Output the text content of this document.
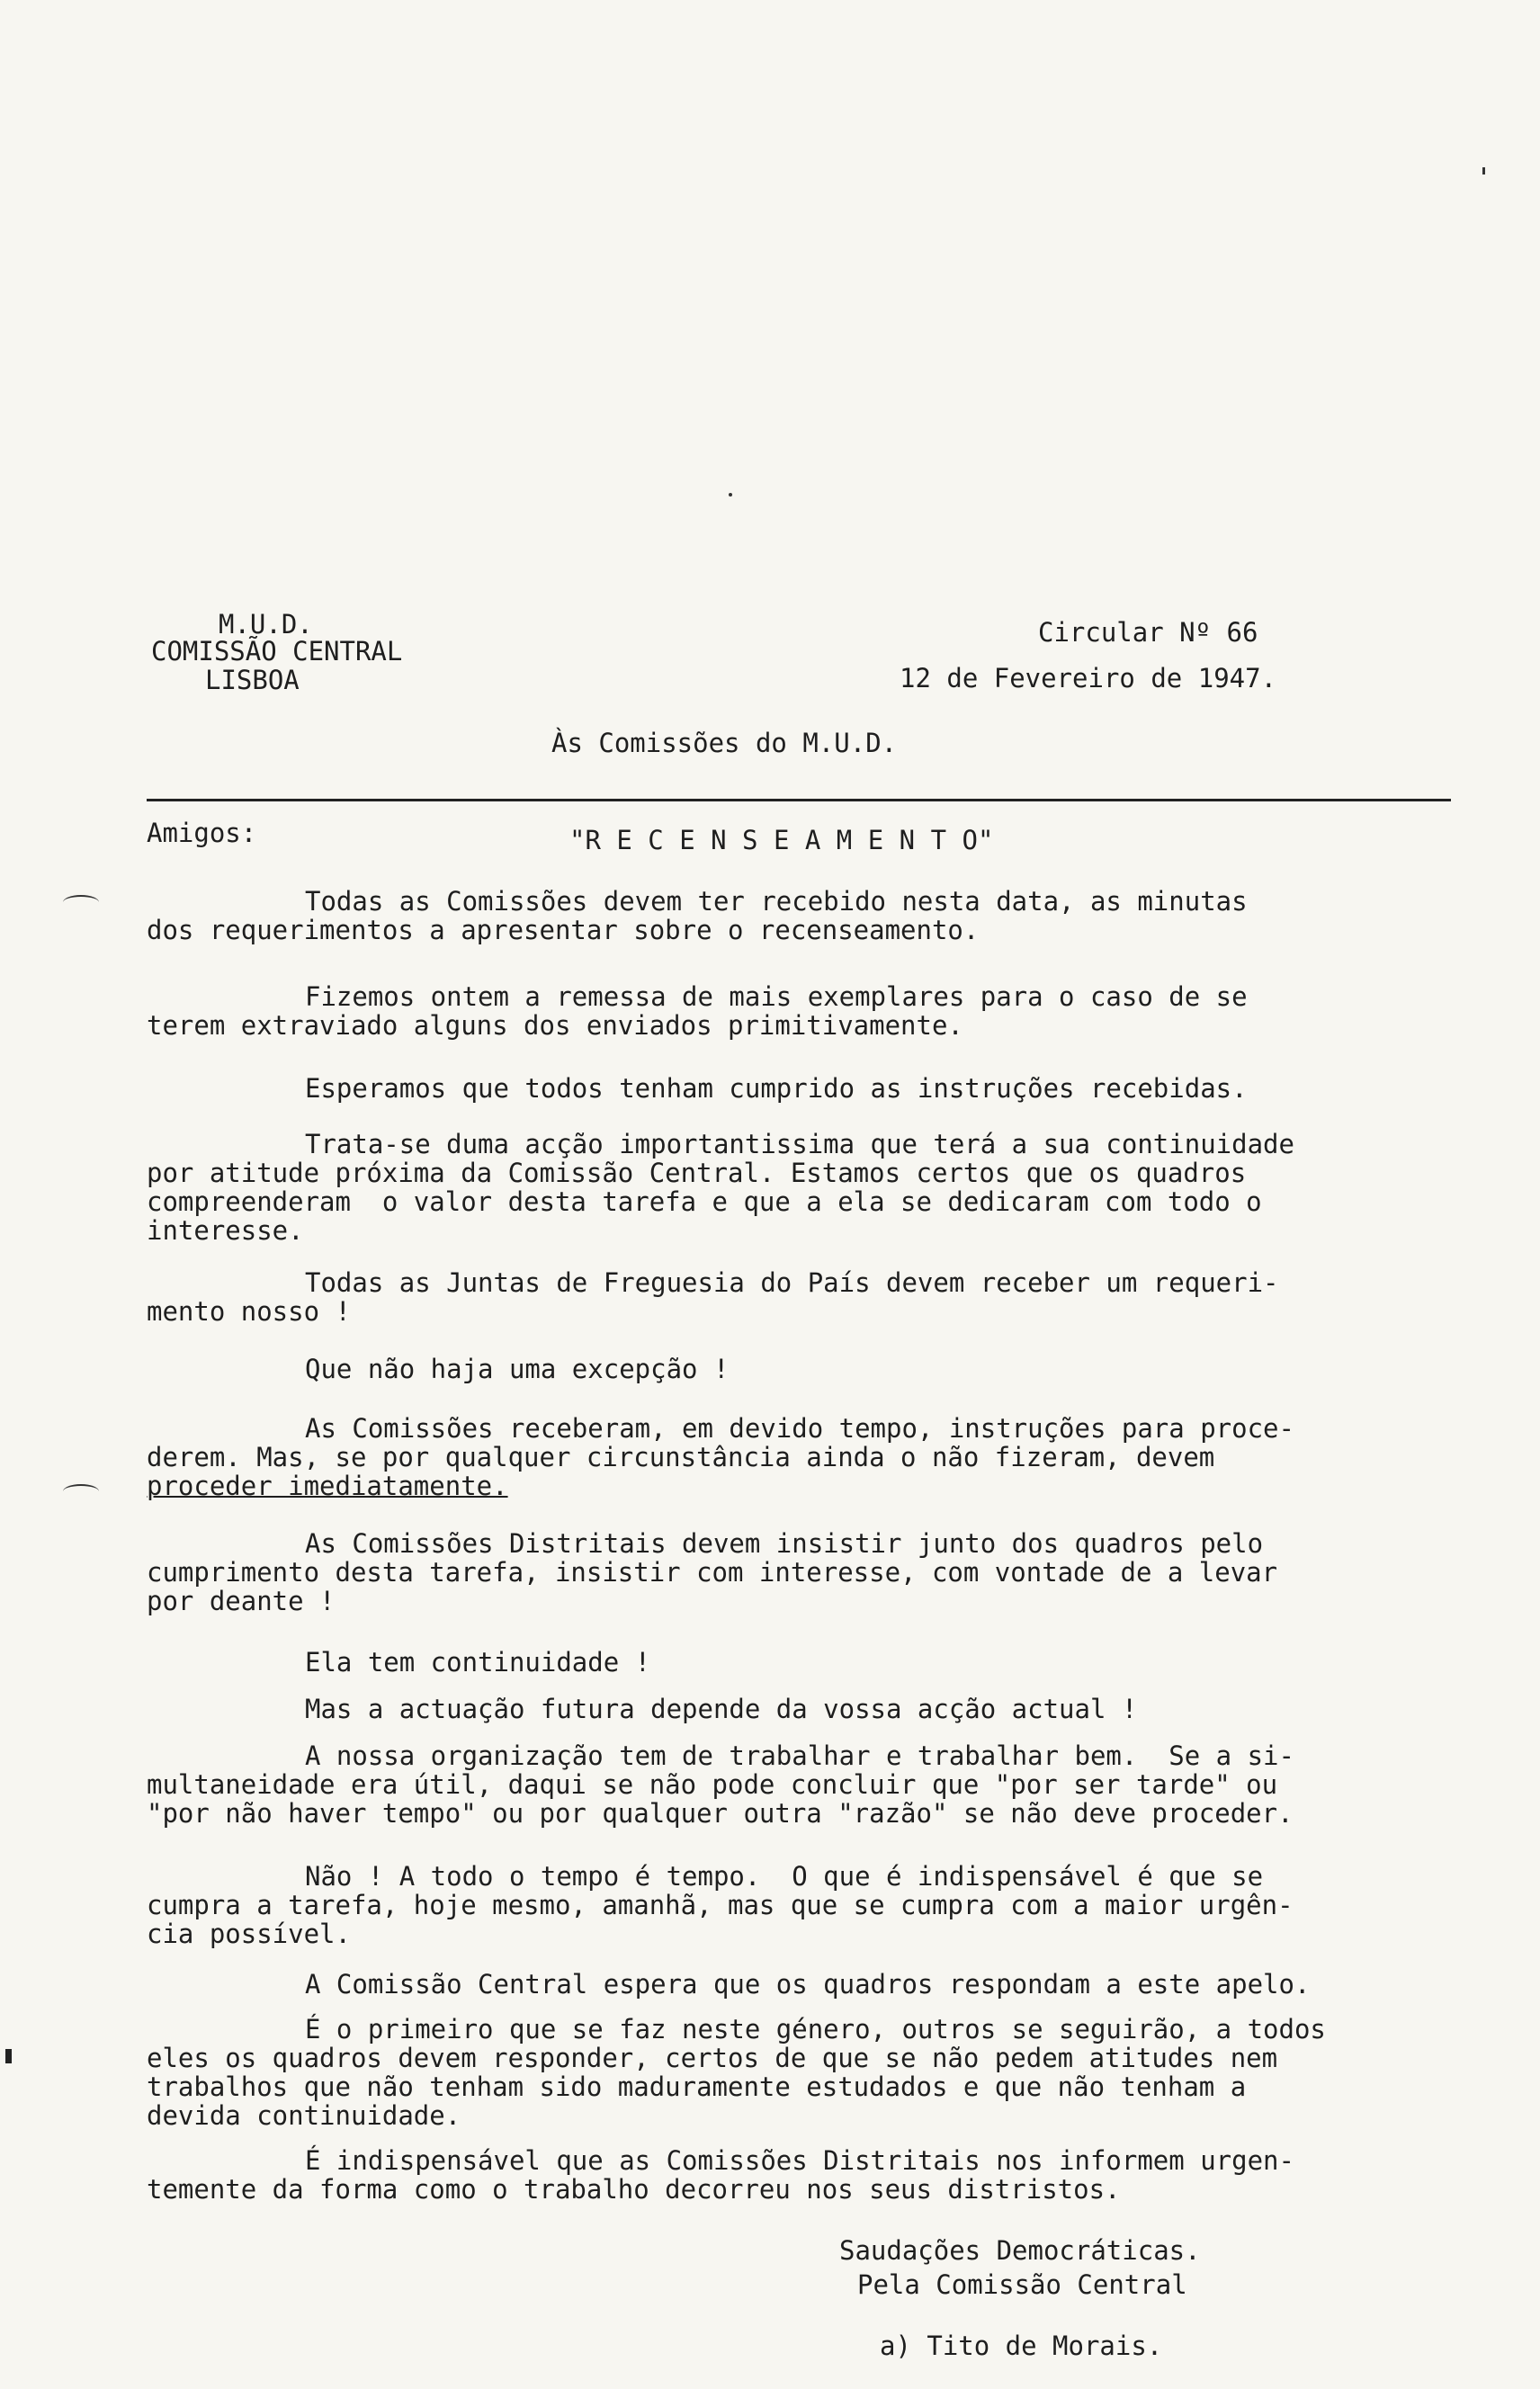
M.U.D.
COMISSÃO CENTRAL
LISBOA
Circular Nº 66
12 de Fevereiro de 1947.
Às Comissões do M.U.D.
Amigos:	"R E C E N S E A M E N T O"
Todas as Comissões devem ter recebido nesta data, as minutas
dos requerimentos a apresentar sobre o recenseamento.
Fizemos ontem a remessa de mais exemplares para o caso de se
terem extraviado alguns dos enviados primitivamente.
Esperamos que todos tenham cumprido as instruções recebidas.
Trata-se duma acção importantissima que terá a sua continuidade
por atitude próxima da Comissão Central. Estamos certos que os quadros
compreenderam  o valor desta tarefa e que a ela se dedicaram com todo o
interesse.
Todas as Juntas de Freguesia do País devem receber um requeri-
mento nosso !
Que não haja uma excepção !
As Comissões receberam, em devido tempo, instruções para proce-
derem. Mas, se por qualquer circunstância ainda o não fizeram, devem
proceder imediatamente.
As Comissões Distritais devem insistir junto dos quadros pelo
cumprimento desta tarefa, insistir com interesse, com vontade de a levar
por deante !
Ela tem continuidade !
Mas a actuação futura depende da vossa acção actual !
A nossa organização tem de trabalhar e trabalhar bem.  Se a si-
multaneidade era útil, daqui se não pode concluir que "por ser tarde" ou
"por não haver tempo" ou por qualquer outra "razão" se não deve proceder.
Não ! A todo o tempo é tempo.  O que é indispensável é que se
cumpra a tarefa, hoje mesmo, amanhã, mas que se cumpra com a maior urgên-
cia possível.
A Comissão Central espera que os quadros respondam a este apelo.
É o primeiro que se faz neste género, outros se seguirão, a todos
eles os quadros devem responder, certos de que se não pedem atitudes nem
trabalhos que não tenham sido maduramente estudados e que não tenham a
devida continuidade.
É indispensável que as Comissões Distritais nos informem urgen-
temente da forma como o trabalho decorreu nos seus distristos.
Saudações Democráticas.
Pela Comissão Central
a) Tito de Morais.
